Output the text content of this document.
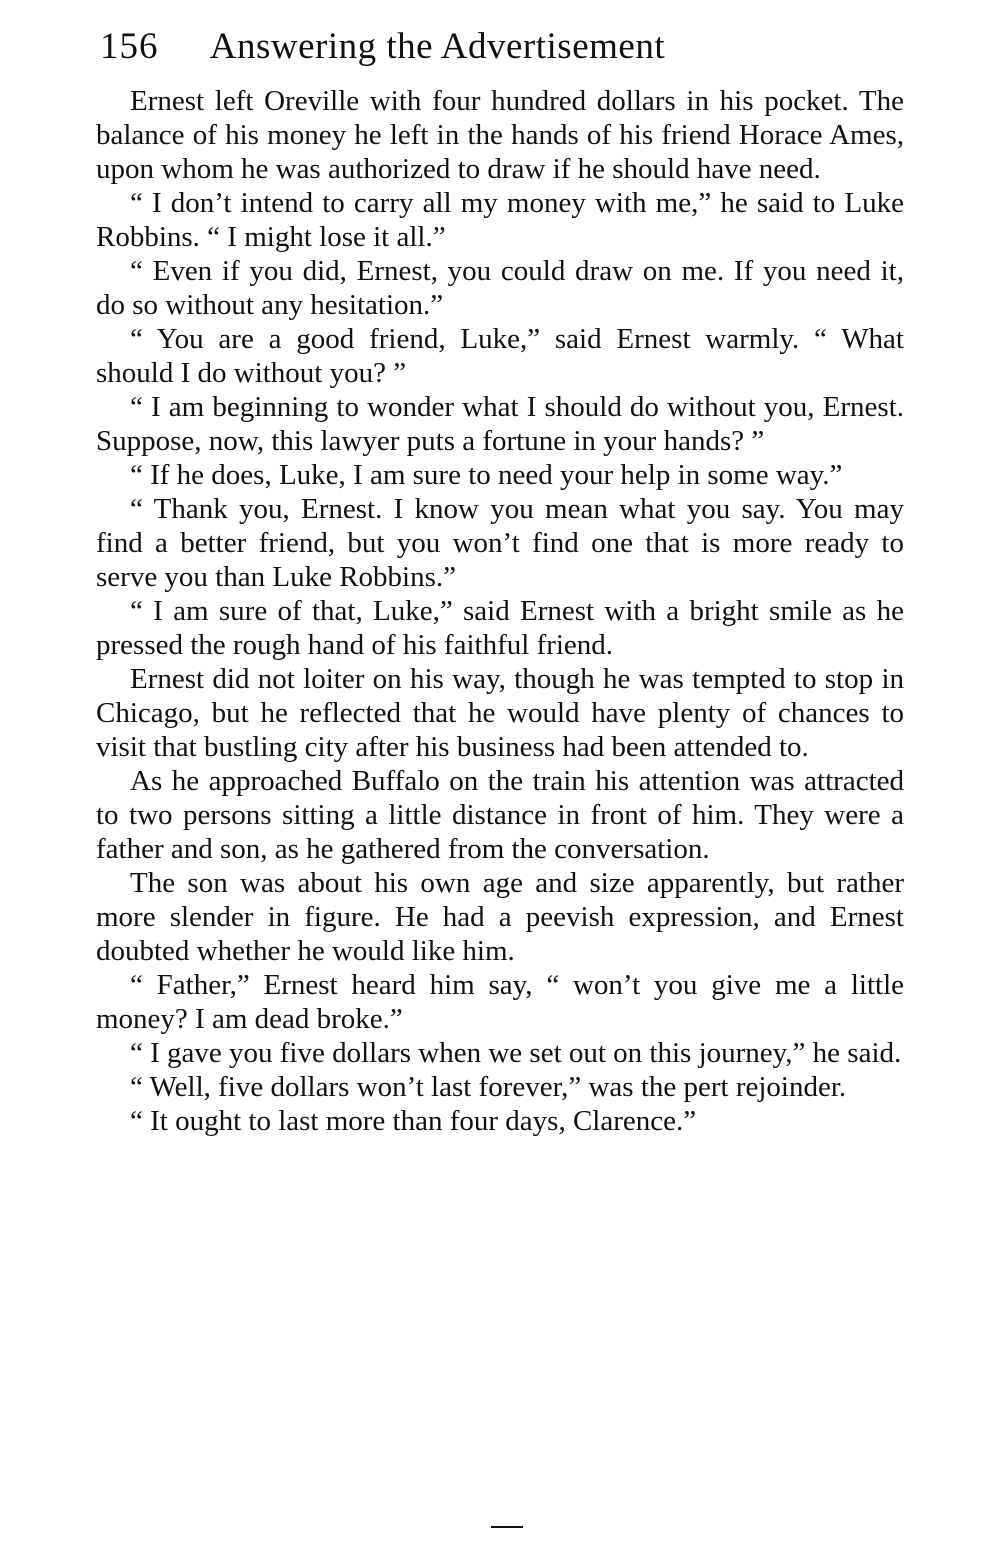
156 Answering the Advertisement

Ernest left Oreville with four hundred dollars in his pocket. The balance of his money he left in the hands of his friend Horace Ames, upon whom he was authorized to draw if he should have need.

“ I don’t intend to carry all my money with me,” he said to Luke Robbins. “ I might lose it all.”

“ Even if you did, Ernest, you could draw on me. If you need it, do so without any hesitation.”

“ You are a good friend, Luke,” said Ernest warmly. “ What should I do without you? ”

“ I am beginning to wonder what I should do without you, Ernest. Suppose, now, this lawyer puts a fortune in your hands? ”

“ If he does, Luke, I am sure to need your help in some way.”

“ Thank you, Ernest. I know you mean what you say. You may find a better friend, but you won’t find one that is more ready to serve you than Luke Robbins.”

“ I am sure of that, Luke,” said Ernest with a bright smile as he pressed the rough hand of his faithful friend.

Ernest did not loiter on his way, though he was tempted to stop in Chicago, but he reflected that he would have plenty of chances to visit that bustling city after his business had been attended to.

As he approached Buffalo on the train his attention was attracted to two persons sitting a little distance in front of him. They were a father and son, as he gathered from the conversation.

The son was about his own age and size apparently, but rather more slender in figure. He had a peevish expression, and Ernest doubted whether he would like him.

“ Father,” Ernest heard him say, “ won’t you give me a little money? I am dead broke.”

“ I gave you five dollars when we set out on this journey,” he said.

“ Well, five dollars won’t last forever,” was the pert rejoinder.

“ It ought to last more than four days, Clarence.”
